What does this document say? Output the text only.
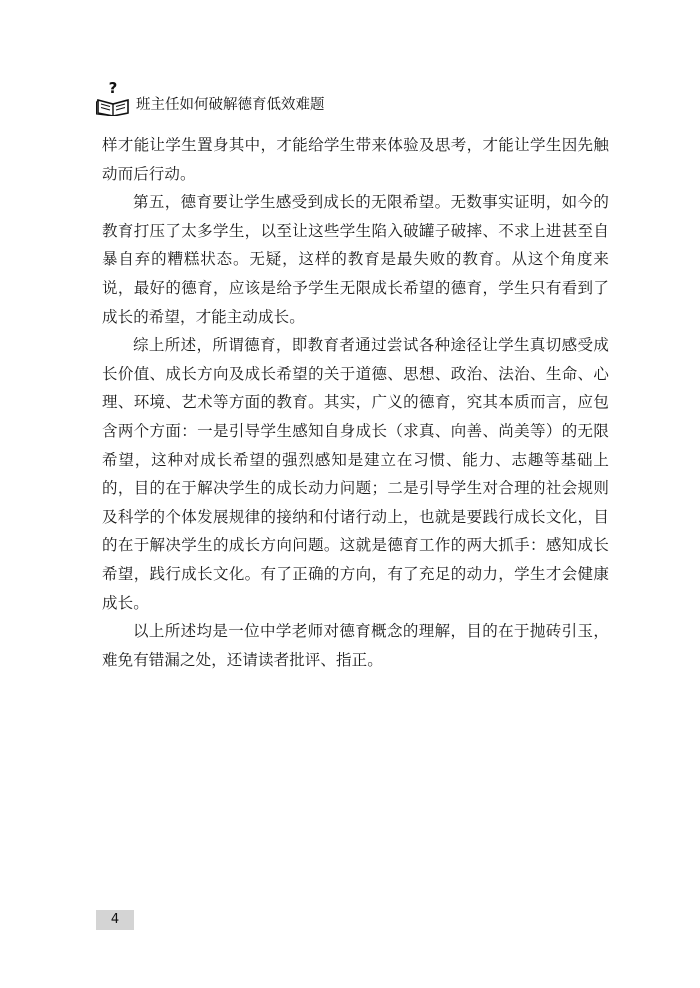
?
班主任如何破解德育低效难题

样才能让学生置身其中，才能给学生带来体验及思考，才能让学生因先触动而后行动。

第五，德育要让学生感受到成长的无限希望。无数事实证明，如今的教育打压了太多学生，以至让这些学生陷入破罐子破摔、不求上进甚至自暴自弃的糟糕状态。无疑，这样的教育是最失败的教育。从这个角度来说，最好的德育，应该是给予学生无限成长希望的德育，学生只有看到了成长的希望，才能主动成长。

综上所述，所谓德育，即教育者通过尝试各种途径让学生真切感受成长价值、成长方向及成长希望的关于道德、思想、政治、法治、生命、心理、环境、艺术等方面的教育。其实，广义的德育，究其本质而言，应包含两个方面：一是引导学生感知自身成长（求真、向善、尚美等）的无限希望，这种对成长希望的强烈感知是建立在习惯、能力、志趣等基础上的，目的在于解决学生的成长动力问题；二是引导学生对合理的社会规则及科学的个体发展规律的接纳和付诸行动上，也就是要践行成长文化，目的在于解决学生的成长方向问题。这就是德育工作的两大抓手：感知成长希望，践行成长文化。有了正确的方向，有了充足的动力，学生才会健康成长。

以上所述均是一位中学老师对德育概念的理解，目的在于抛砖引玉，难免有错漏之处，还请读者批评、指正。

4
